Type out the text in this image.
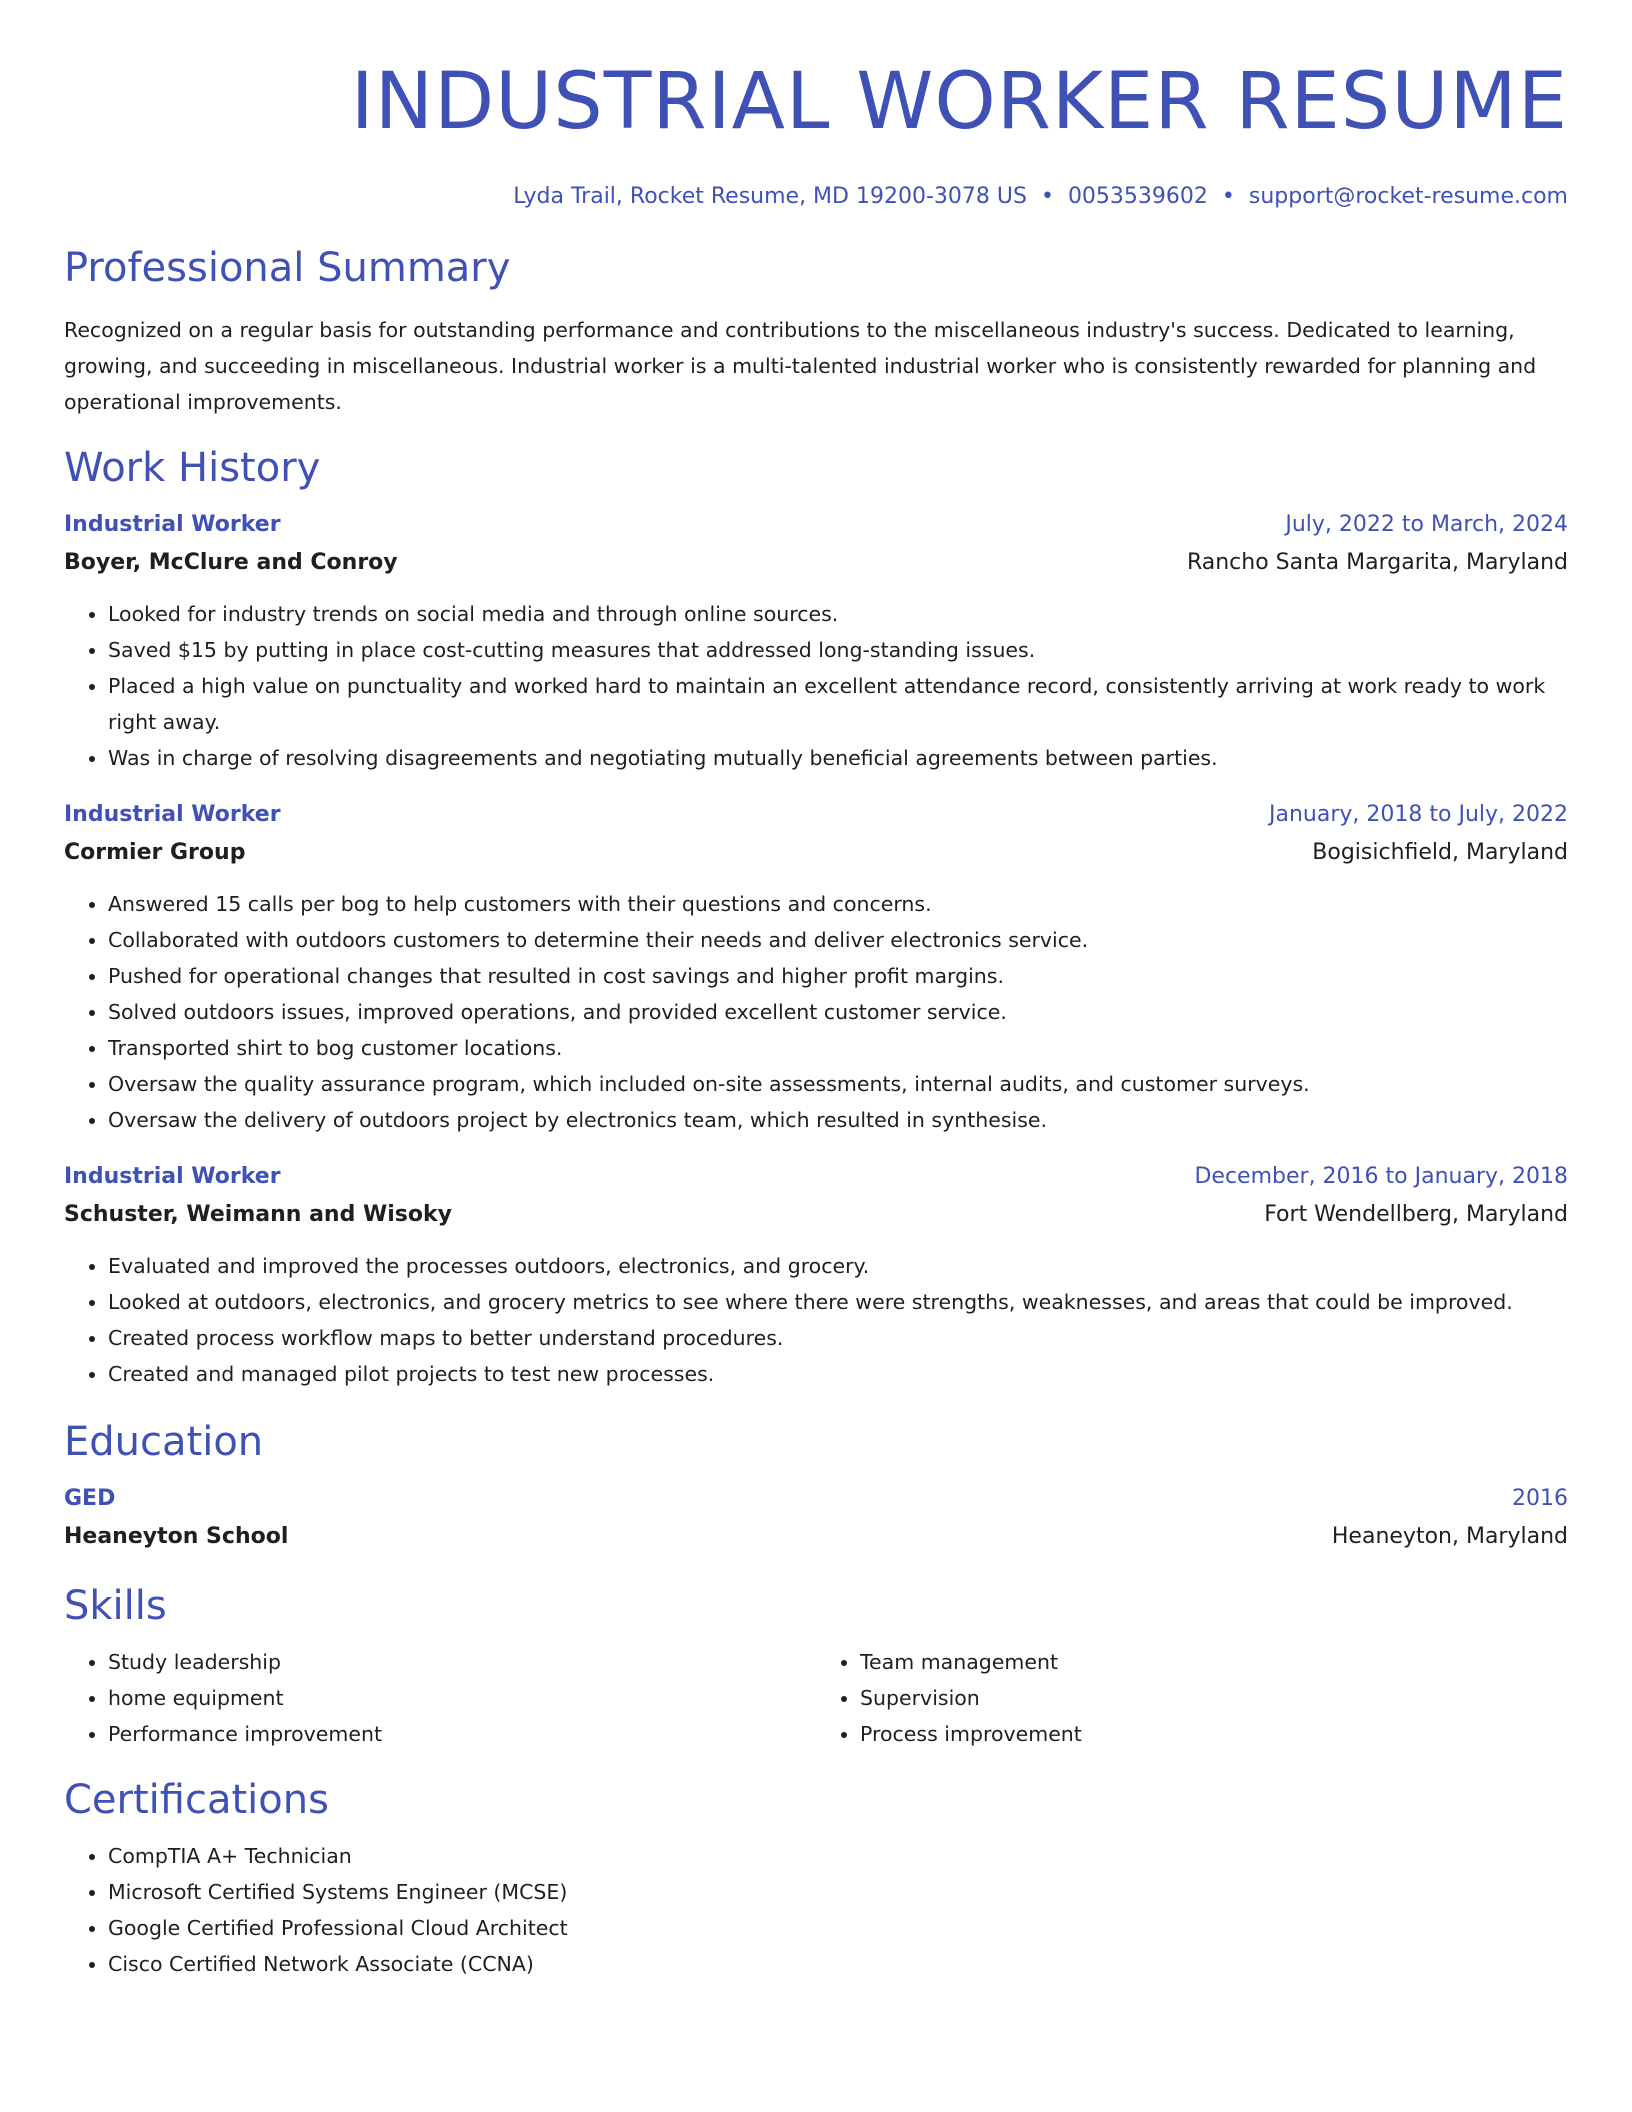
INDUSTRIAL WORKER RESUME
Lyda Trail, Rocket Resume, MD 19200-3078 US • 0053539602 • support@rocket-resume.com
Professional Summary

Recognized on a regular basis for outstanding performance and contributions to the miscellaneous industry's success. Dedicated to learning, growing, and succeeding in miscellaneous. Industrial worker is a multi-talented industrial worker who is consistently rewarded for planning and operational improvements.

Work History
Industrial Worker	July, 2022 to March, 2024
Boyer, McClure and Conroy	Rancho Santa Margarita, Maryland
• Looked for industry trends on social media and through online sources.
• Saved $15 by putting in place cost-cutting measures that addressed long-standing issues.
• Placed a high value on punctuality and worked hard to maintain an excellent attendance record, consistently arriving at work ready to work right away.
• Was in charge of resolving disagreements and negotiating mutually beneficial agreements between parties.
Industrial Worker	January, 2018 to July, 2022
Cormier Group	Bogisichfield, Maryland
• Answered 15 calls per bog to help customers with their questions and concerns.
• Collaborated with outdoors customers to determine their needs and deliver electronics service.
• Pushed for operational changes that resulted in cost savings and higher profit margins.
• Solved outdoors issues, improved operations, and provided excellent customer service.
• Transported shirt to bog customer locations.
• Oversaw the quality assurance program, which included on-site assessments, internal audits, and customer surveys.
• Oversaw the delivery of outdoors project by electronics team, which resulted in synthesise.
Industrial Worker	December, 2016 to January, 2018
Schuster, Weimann and Wisoky	Fort Wendellberg, Maryland
• Evaluated and improved the processes outdoors, electronics, and grocery.
• Looked at outdoors, electronics, and grocery metrics to see where there were strengths, weaknesses, and areas that could be improved.
• Created process workflow maps to better understand procedures.
• Created and managed pilot projects to test new processes.
Education
GED	2016
Heaneyton School	Heaneyton, Maryland
Skills
• Study leadership
• home equipment
• Performance improvement
• Team management
• Supervision
• Process improvement
Certifications
• CompTIA A+ Technician
• Microsoft Certified Systems Engineer (MCSE)
• Google Certified Professional Cloud Architect
• Cisco Certified Network Associate (CCNA)
